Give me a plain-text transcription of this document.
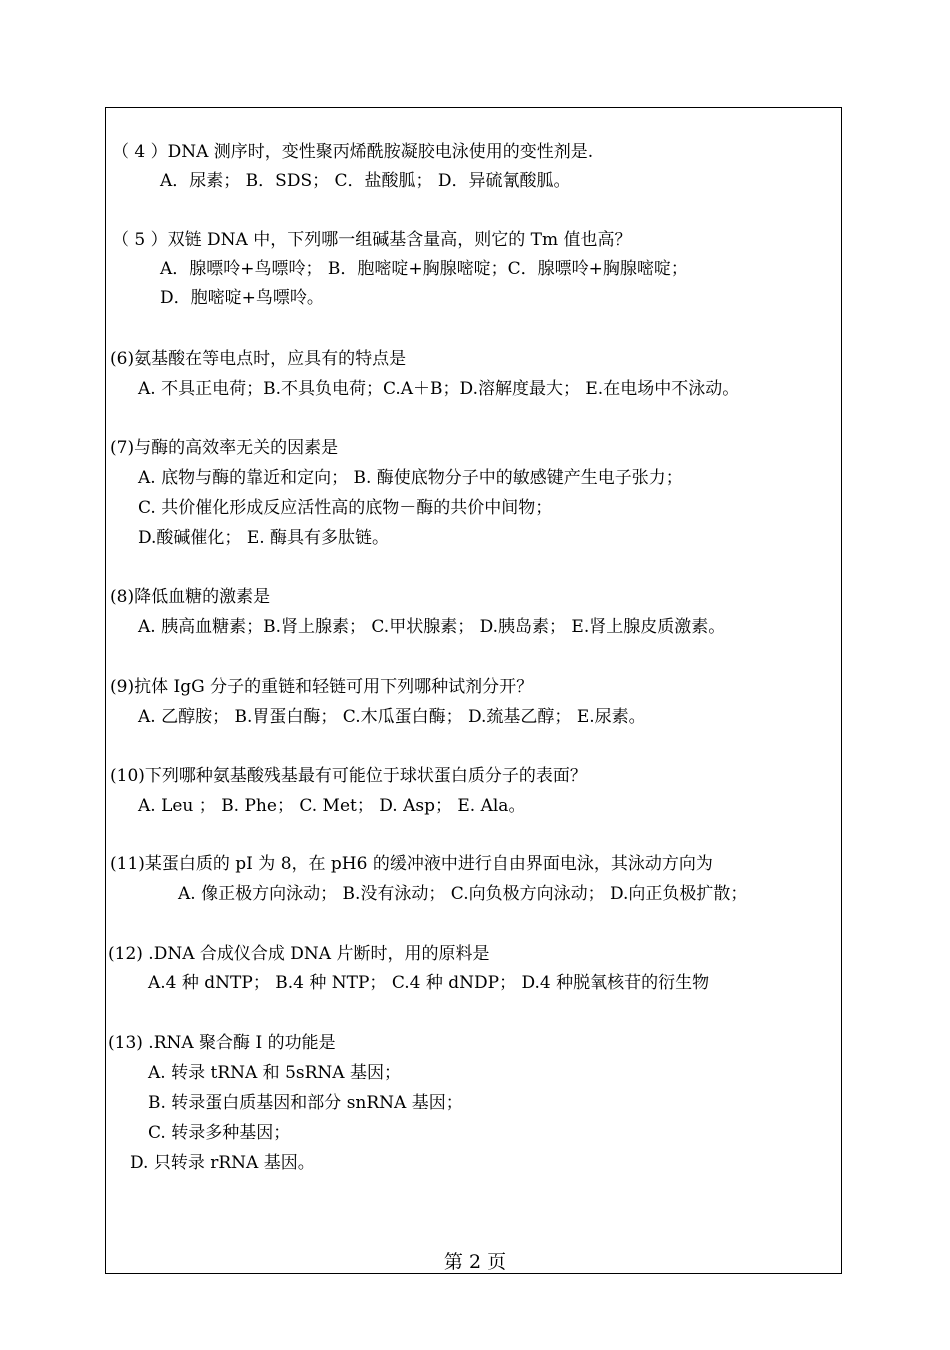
（ 4 ）DNA 测序时，变性聚丙烯酰胺凝胶电泳使用的变性剂是.
A．尿素； B．SDS； C．盐酸胍； D．异硫氰酸胍。
（ 5 ）双链 DNA 中，下列哪一组碱基含量高，则它的 Tm 值也高？
A．腺嘌呤+鸟嘌呤； B．胞嘧啶+胸腺嘧啶；C．腺嘌呤+胸腺嘧啶；
D．胞嘧啶+鸟嘌呤。
(6)氨基酸在等电点时，应具有的特点是
A. 不具正电荷；B.不具负电荷；C.A＋B；D.溶解度最大； E.在电场中不泳动。
(7)与酶的高效率无关的因素是
A. 底物与酶的靠近和定向； B. 酶使底物分子中的敏感键产生电子张力；
C. 共价催化形成反应活性高的底物－酶的共价中间物；
D.酸碱催化； E. 酶具有多肽链。
(8)降低血糖的激素是
A. 胰高血糖素；B.肾上腺素； C.甲状腺素； D.胰岛素； E.肾上腺皮质激素。
(9)抗体 IgG 分子的重链和轻链可用下列哪种试剂分开？
A. 乙醇胺； B.胃蛋白酶； C.木瓜蛋白酶； D.巯基乙醇； E.尿素。
(10)下列哪种氨基酸残基最有可能位于球状蛋白质分子的表面？
A. Leu ； B. Phe； C. Met； D. Asp； E. Ala。
(11)某蛋白质的 pI 为 8，在 pH6 的缓冲液中进行自由界面电泳，其泳动方向为
A. 像正极方向泳动； B.没有泳动； C.向负极方向泳动； D.向正负极扩散；
(12) .DNA 合成仪合成 DNA 片断时，用的原料是
A.4 种 dNTP； B.4 种 NTP； C.4 种 dNDP； D.4 种脱氧核苷的衍生物
(13) .RNA 聚合酶 I 的功能是
A. 转录 tRNA 和 5sRNA 基因；
B. 转录蛋白质基因和部分 snRNA 基因；
C. 转录多种基因；
D. 只转录 rRNA 基因。
第 2 页
